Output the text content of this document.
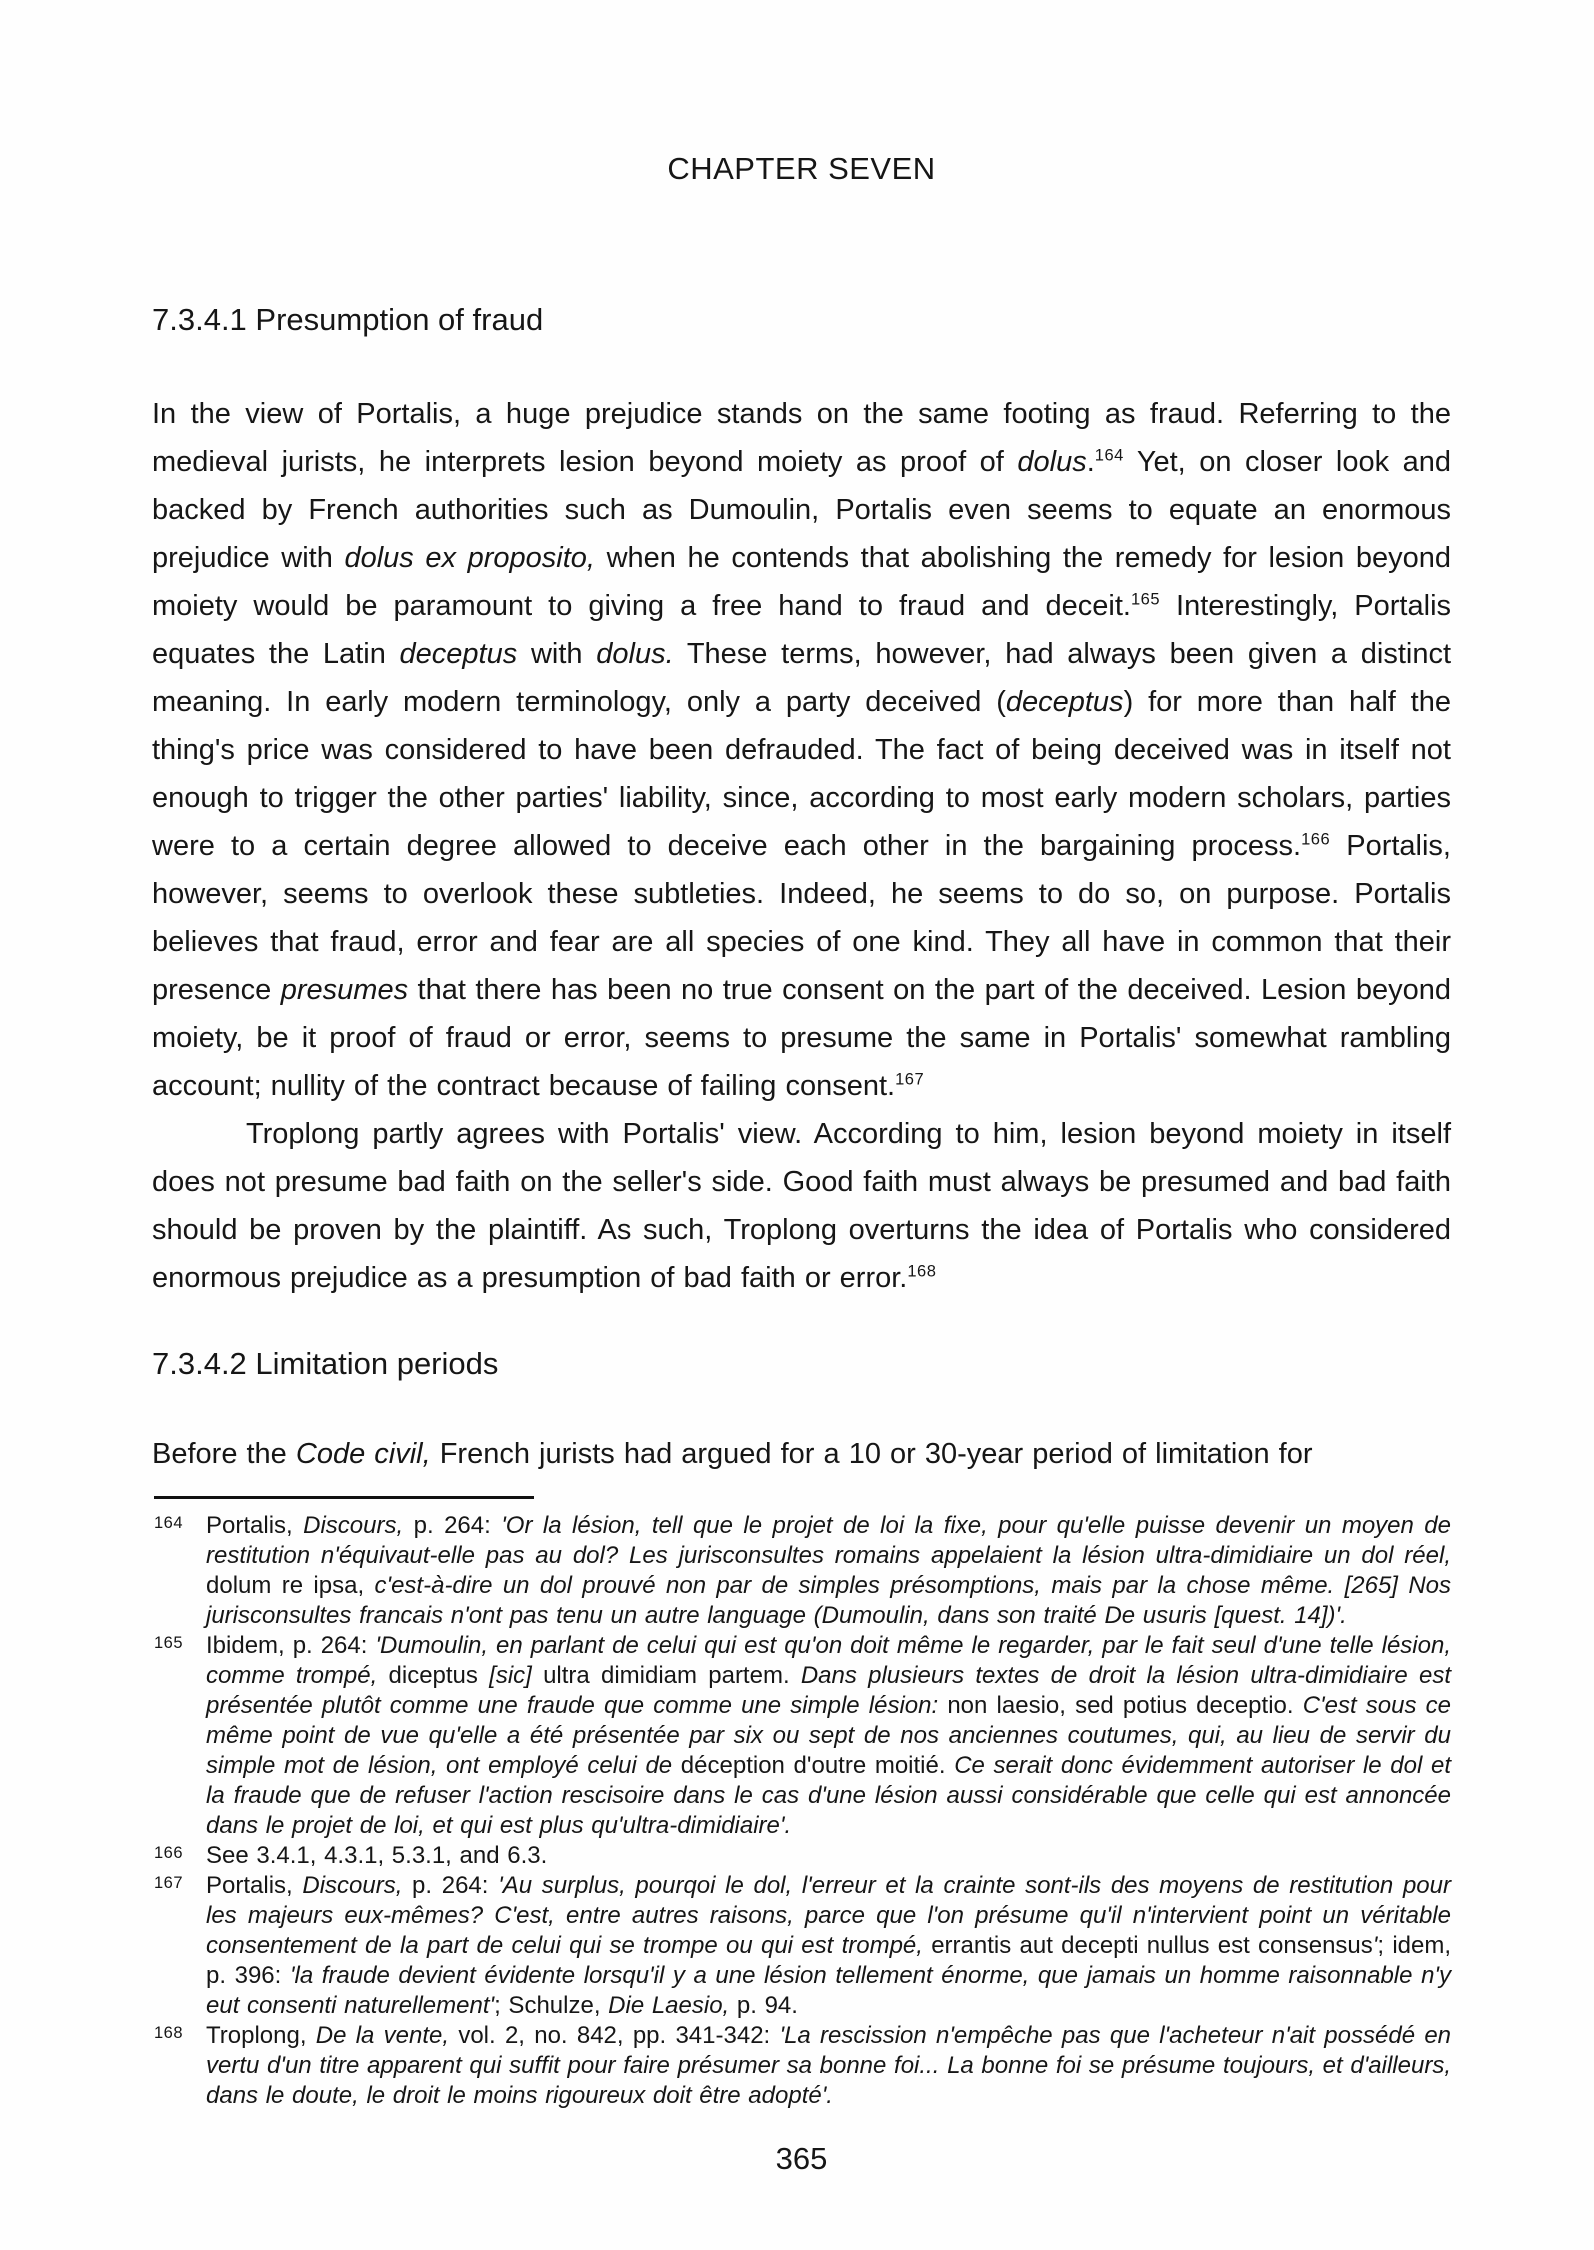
CHAPTER SEVEN
7.3.4.1 Presumption of fraud

In the view of Portalis, a huge prejudice stands on the same footing as fraud. Referring to the medieval jurists, he interprets lesion beyond moiety as proof of dolus.$^{164}$ Yet, on closer look and backed by French authorities such as Dumoulin, Portalis even seems to equate an enormous prejudice with dolus ex proposito, when he contends that abolishing the remedy for lesion beyond moiety would be paramount to giving a free hand to fraud and deceit.$^{165}$ Interestingly, Portalis equates the Latin deceptus with dolus. These terms, however, had always been given a distinct meaning. In early modern terminology, only a party deceived (deceptus) for more than half the thing's price was considered to have been defrauded. The fact of being deceived was in itself not enough to trigger the other parties' liability, since, according to most early modern scholars, parties were to a certain degree allowed to deceive each other in the bargaining process.$^{166}$ Portalis, however, seems to overlook these subtleties. Indeed, he seems to do so, on purpose. Portalis believes that fraud, error and fear are all species of one kind. They all have in common that their presence presumes that there has been no true consent on the part of the deceived. Lesion beyond moiety, be it proof of fraud or error, seems to presume the same in Portalis' somewhat rambling account; nullity of the contract because of failing consent.$^{167}$

Troplong partly agrees with Portalis' view. According to him, lesion beyond moiety in itself does not presume bad faith on the seller's side. Good faith must always be presumed and bad faith should be proven by the plaintiff. As such, Troplong overturns the idea of Portalis who considered enormous prejudice as a presumption of bad faith or error.$^{168}$

7.3.4.2 Limitation periods

Before the Code civil, French jurists had argued for a 10 or 30-year period of limitation for

164 Portalis, Discours, p. 264: 'Or la lésion, tell que le projet de loi la fixe, pour qu'elle puisse devenir un moyen de restitution n'équivaut-elle pas au dol? Les jurisconsultes romains appelaient la lésion ultra-dimidiaire un dol réel, dolum re ipsa, c'est-à-dire un dol prouvé non par de simples présomptions, mais par la chose même. [265] Nos jurisconsultes francais n'ont pas tenu un autre language (Dumoulin, dans son traité De usuris [quest. 14])'.
165 Ibidem, p. 264: 'Dumoulin, en parlant de celui qui est qu'on doit même le regarder, par le fait seul d'une telle lésion, comme trompé, diceptus [sic] ultra dimidiam partem. Dans plusieurs textes de droit la lésion ultra-dimidiaire est présentée plutôt comme une fraude que comme une simple lésion: non laesio, sed potius deceptio. C'est sous ce même point de vue qu'elle a été présentée par six ou sept de nos anciennes coutumes, qui, au lieu de servir du simple mot de lésion, ont employé celui de déception d'outre moitié. Ce serait donc évidemment autoriser le dol et la fraude que de refuser l'action rescisoire dans le cas d'une lésion aussi considérable que celle qui est annoncée dans le projet de loi, et qui est plus qu'ultra-dimidiaire'.
166 See 3.4.1, 4.3.1, 5.3.1, and 6.3.
167 Portalis, Discours, p. 264: 'Au surplus, pourqoi le dol, l'erreur et la crainte sont-ils des moyens de restitution pour les majeurs eux-mêmes? C'est, entre autres raisons, parce que l'on présume qu'il n'intervient point un véritable consentement de la part de celui qui se trompe ou qui est trompé, errantis aut decepti nullus est consensus'; idem, p. 396: 'la fraude devient évidente lorsqu'il y a une lésion tellement énorme, que jamais un homme raisonnable n'y eut consenti naturellement'; Schulze, Die Laesio, p. 94.
168 Troplong, De la vente, vol. 2, no. 842, pp. 341-342: 'La rescission n'empêche pas que l'acheteur n'ait possédé en vertu d'un titre apparent qui suffit pour faire présumer sa bonne foi... La bonne foi se présume toujours, et d'ailleurs, dans le doute, le droit le moins rigoureux doit être adopté'.
365
